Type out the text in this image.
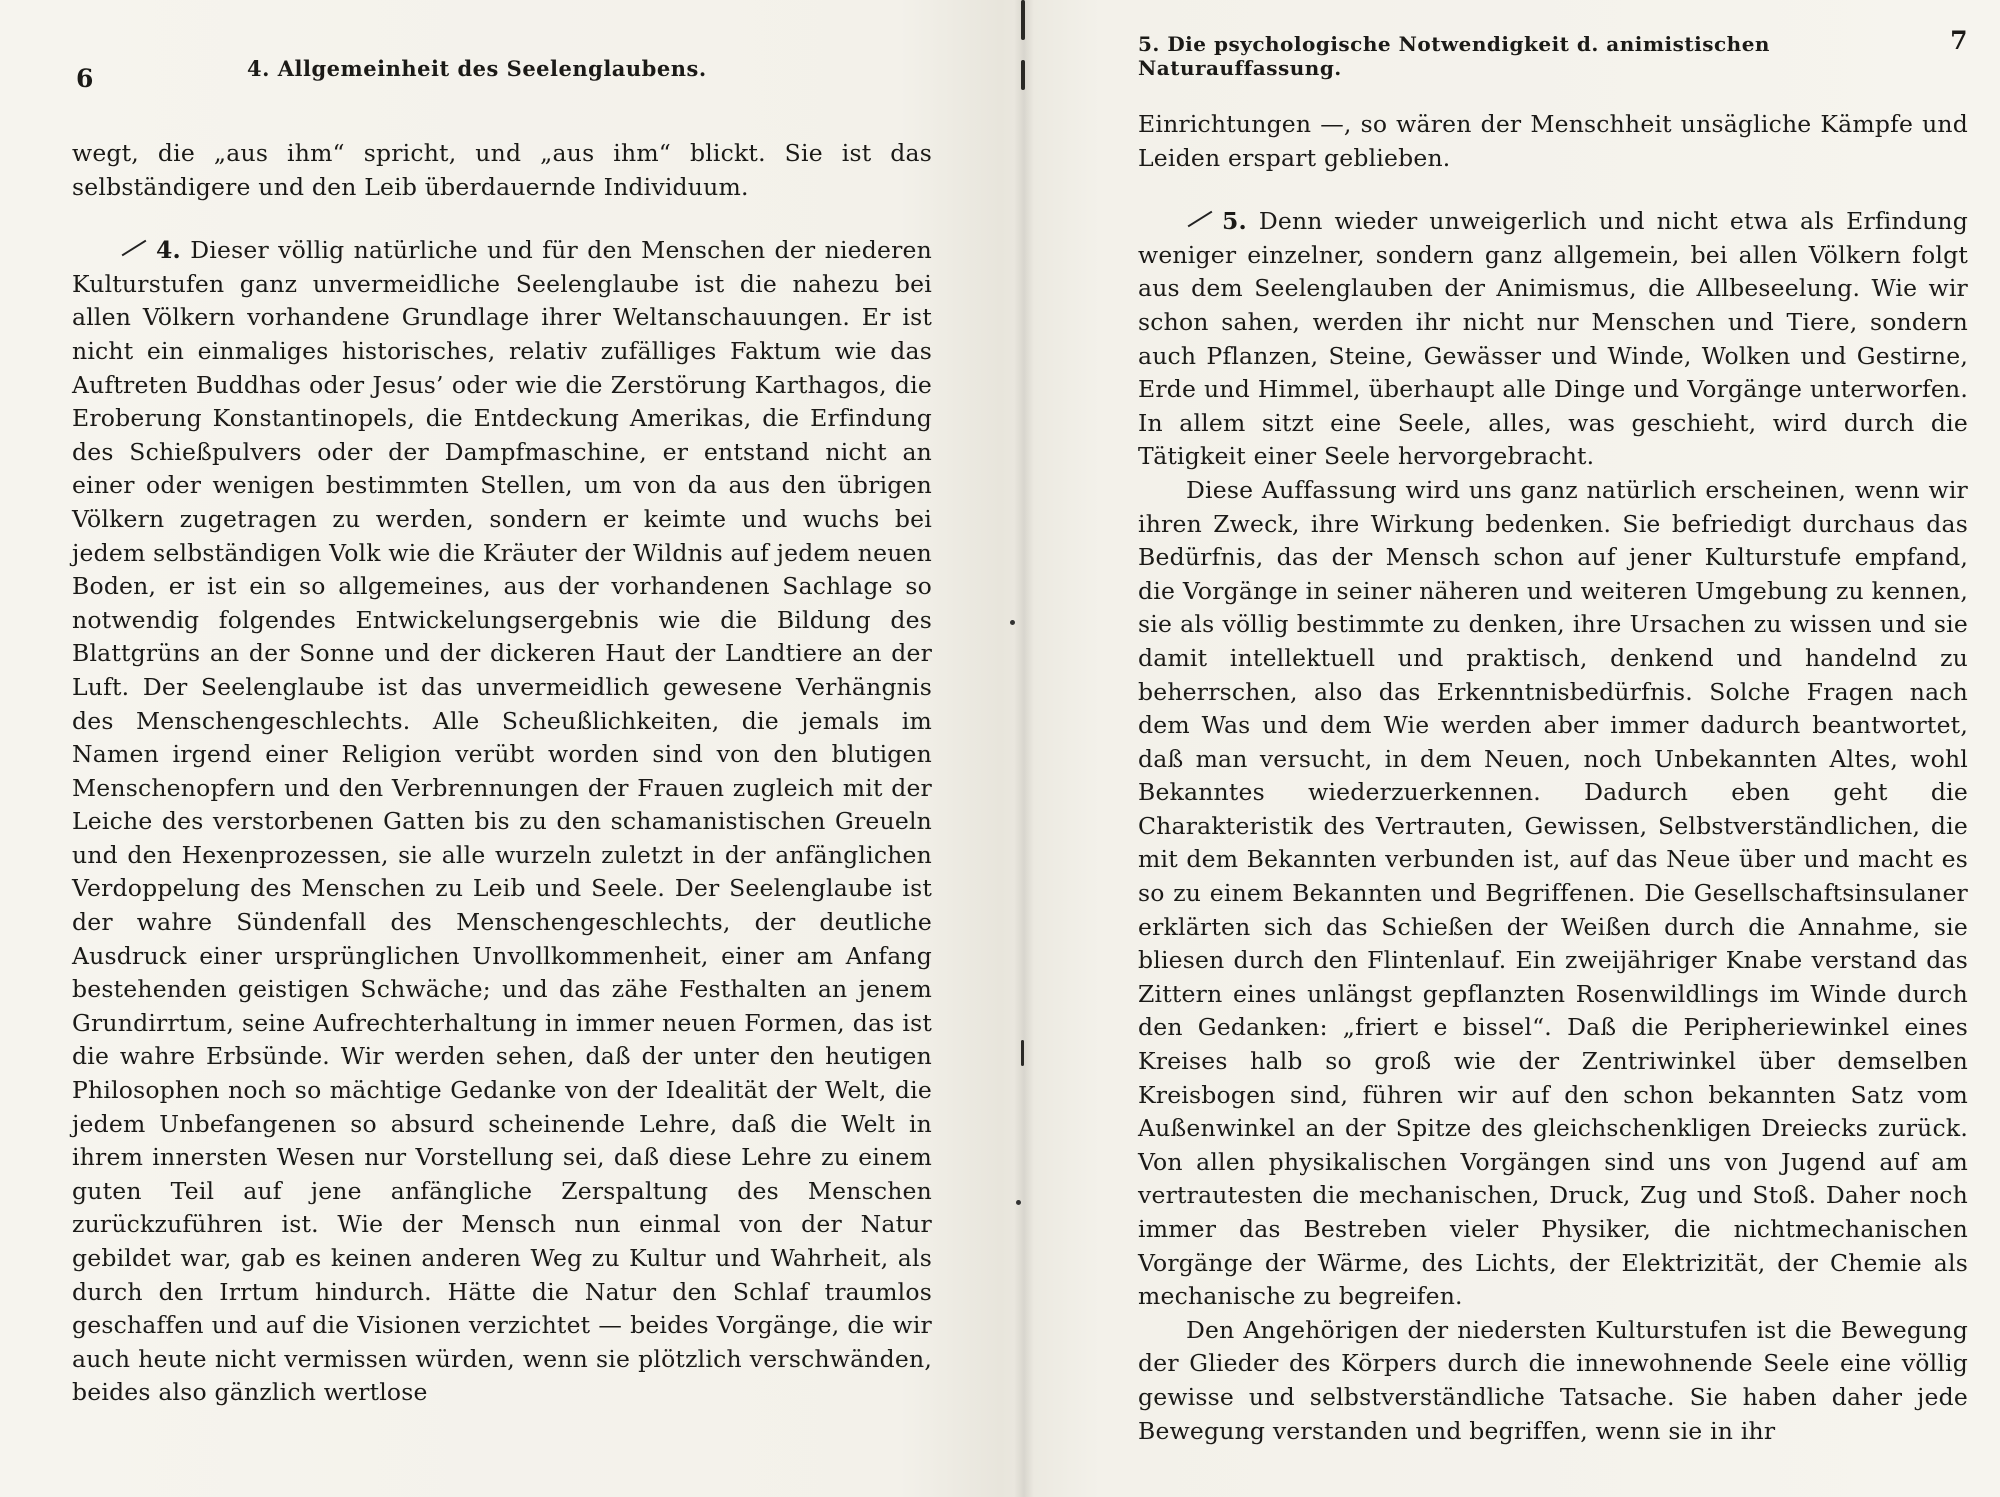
6	4. Allgemeinheit des Seelenglaubens.

wegt, die „aus ihm“ spricht, und „aus ihm“ blickt. Sie ist das selbständigere und den Leib überdauernde Individuum.

4. Dieser völlig natürliche und für den Menschen der niederen Kulturstufen ganz unvermeidliche Seelenglaube ist die nahezu bei allen Völkern vorhandene Grundlage ihrer Weltanschauungen. Er ist nicht ein einmaliges historisches, relativ zufälliges Faktum wie das Auftreten Buddhas oder Jesus’ oder wie die Zerstörung Karthagos, die Eroberung Konstantinopels, die Entdeckung Amerikas, die Erfindung des Schießpulvers oder der Dampfmaschine, er entstand nicht an einer oder wenigen bestimmten Stellen, um von da aus den übrigen Völkern zugetragen zu werden, sondern er keimte und wuchs bei jedem selbständigen Volk wie die Kräuter der Wildnis auf jedem neuen Boden, er ist ein so allgemeines, aus der vorhandenen Sachlage so notwendig folgendes Entwickelungsergebnis wie die Bildung des Blattgrüns an der Sonne und der dickeren Haut der Landtiere an der Luft. Der Seelenglaube ist das unvermeidlich gewesene Verhängnis des Menschengeschlechts. Alle Scheußlichkeiten, die jemals im Namen irgend einer Religion verübt worden sind von den blutigen Menschenopfern und den Verbrennungen der Frauen zugleich mit der Leiche des verstorbenen Gatten bis zu den schamanistischen Greueln und den Hexenprozessen, sie alle wurzeln zuletzt in der anfänglichen Verdoppelung des Menschen zu Leib und Seele. Der Seelenglaube ist der wahre Sündenfall des Menschengeschlechts, der deutliche Ausdruck einer ursprünglichen Unvollkommenheit, einer am Anfang bestehenden geistigen Schwäche; und das zähe Festhalten an jenem Grundirrtum, seine Aufrechterhaltung in immer neuen Formen, das ist die wahre Erbsünde. Wir werden sehen, daß der unter den heutigen Philosophen noch so mächtige Gedanke von der Idealität der Welt, die jedem Unbefangenen so absurd scheinende Lehre, daß die Welt in ihrem innersten Wesen nur Vorstellung sei, daß diese Lehre zu einem guten Teil auf jene anfängliche Zerspaltung des Menschen zurückzuführen ist. Wie der Mensch nun einmal von der Natur gebildet war, gab es keinen anderen Weg zu Kultur und Wahrheit, als durch den Irrtum hindurch. Hätte die Natur den Schlaf traumlos geschaffen und auf die Visionen verzichtet — beides Vorgänge, die wir auch heute nicht vermissen würden, wenn sie plötzlich verschwänden, beides also gänzlich wertlose

5. Die psychologische Notwendigkeit d. animistischen Naturauffassung.
7

Einrichtungen —, so wären der Menschheit unsägliche Kämpfe und Leiden erspart geblieben.

5. Denn wieder unweigerlich und nicht etwa als Erfindung weniger einzelner, sondern ganz allgemein, bei allen Völkern folgt aus dem Seelenglauben der Animismus, die Allbeseelung. Wie wir schon sahen, werden ihr nicht nur Menschen und Tiere, sondern auch Pflanzen, Steine, Gewässer und Winde, Wolken und Gestirne, Erde und Himmel, überhaupt alle Dinge und Vorgänge unterworfen. In allem sitzt eine Seele, alles, was geschieht, wird durch die Tätigkeit einer Seele hervorgebracht.

Diese Auffassung wird uns ganz natürlich erscheinen, wenn wir ihren Zweck, ihre Wirkung bedenken. Sie befriedigt durchaus das Bedürfnis, das der Mensch schon auf jener Kulturstufe empfand, die Vorgänge in seiner näheren und weiteren Umgebung zu kennen, sie als völlig bestimmte zu denken, ihre Ursachen zu wissen und sie damit intellektuell und praktisch, denkend und handelnd zu beherrschen, also das Erkenntnisbedürfnis. Solche Fragen nach dem Was und dem Wie werden aber immer dadurch beantwortet, daß man versucht, in dem Neuen, noch Unbekannten Altes, wohl Bekanntes wiederzuerkennen. Dadurch eben geht die Charakteristik des Vertrauten, Gewissen, Selbstverständlichen, die mit dem Bekannten verbunden ist, auf das Neue über und macht es so zu einem Bekannten und Begriffenen. Die Gesellschaftsinsulaner erklärten sich das Schießen der Weißen durch die Annahme, sie bliesen durch den Flintenlauf. Ein zweijähriger Knabe verstand das Zittern eines unlängst gepflanzten Rosenwildlings im Winde durch den Gedanken: „friert e bissel“. Daß die Peripheriewinkel eines Kreises halb so groß wie der Zentriwinkel über demselben Kreisbogen sind, führen wir auf den schon bekannten Satz vom Außenwinkel an der Spitze des gleichschenkligen Dreiecks zurück. Von allen physikalischen Vorgängen sind uns von Jugend auf am vertrautesten die mechanischen, Druck, Zug und Stoß. Daher noch immer das Bestreben vieler Physiker, die nichtmechanischen Vorgänge der Wärme, des Lichts, der Elektrizität, der Chemie als mechanische zu begreifen.

Den Angehörigen der niedersten Kulturstufen ist die Bewegung der Glieder des Körpers durch die innewohnende Seele eine völlig gewisse und selbstverständliche Tatsache. Sie haben daher jede Bewegung verstanden und begriffen, wenn sie in ihr
